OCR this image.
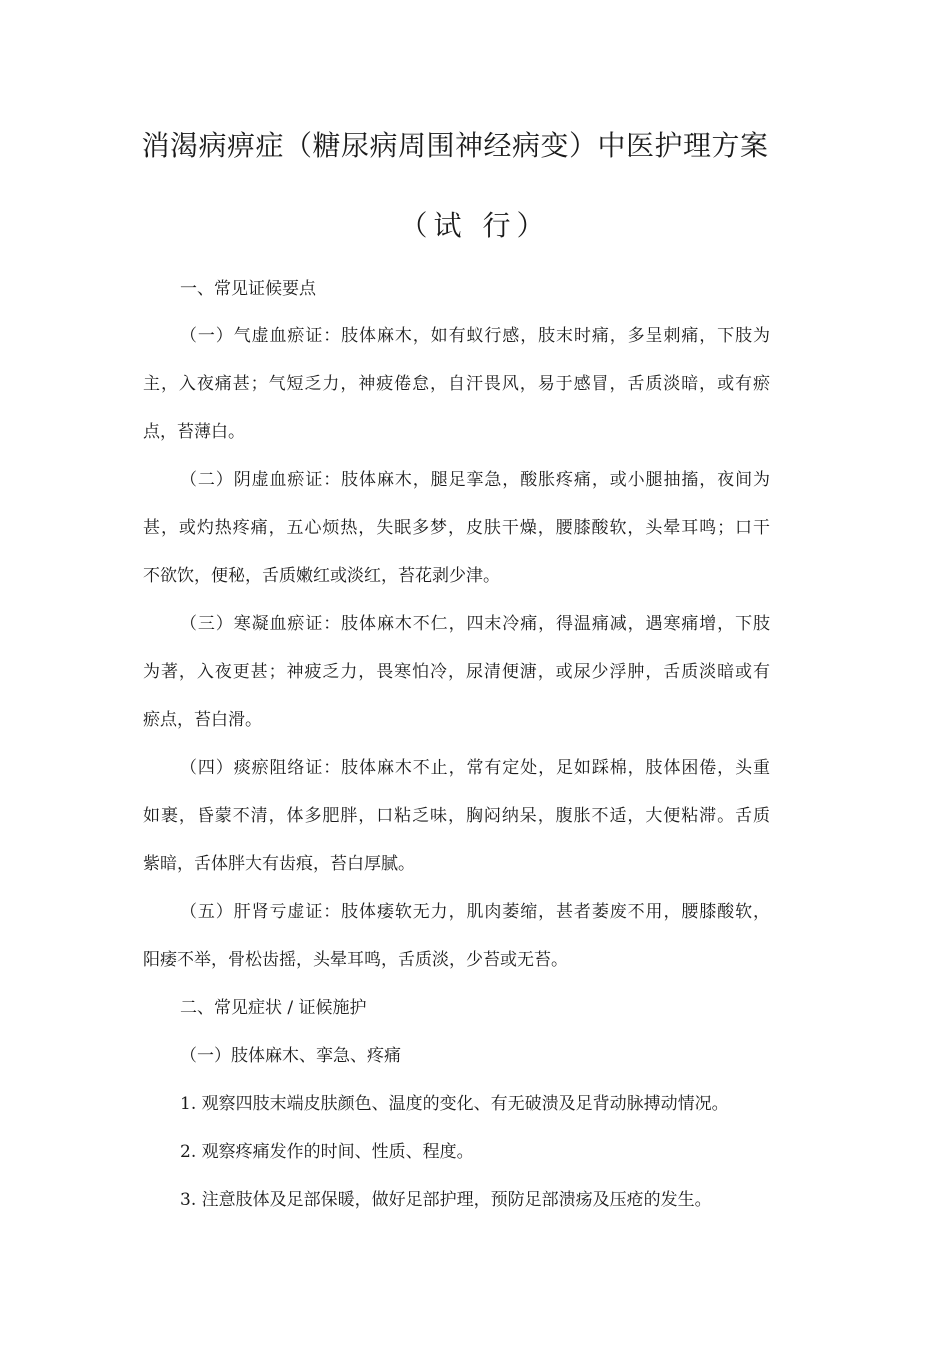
消渴病痹症（糖尿病周围神经病变）中医护理方案
（试 行）
一、常见证候要点
（一）气虚血瘀证：肢体麻木，如有蚁行感，肢末时痛，多呈刺痛，下肢为
主，入夜痛甚；气短乏力，神疲倦怠，自汗畏风，易于感冒，舌质淡暗，或有瘀
点，苔薄白。
（二）阴虚血瘀证：肢体麻木，腿足挛急，酸胀疼痛，或小腿抽搐，夜间为
甚，或灼热疼痛，五心烦热，失眠多梦，皮肤干燥，腰膝酸软，头晕耳鸣；口干
不欲饮，便秘，舌质嫩红或淡红，苔花剥少津。
（三）寒凝血瘀证：肢体麻木不仁，四末冷痛，得温痛减，遇寒痛增，下肢
为著，入夜更甚；神疲乏力，畏寒怕冷，尿清便溏，或尿少浮肿，舌质淡暗或有
瘀点，苔白滑。
（四）痰瘀阻络证：肢体麻木不止，常有定处，足如踩棉，肢体困倦，头重
如裹，昏蒙不清，体多肥胖，口粘乏味，胸闷纳呆，腹胀不适，大便粘滞。舌质
紫暗，舌体胖大有齿痕，苔白厚腻。
（五）肝肾亏虚证：肢体痿软无力，肌肉萎缩，甚者萎废不用，腰膝酸软，
阳痿不举，骨松齿摇，头晕耳鸣，舌质淡，少苔或无苔。
二、常见症状 / 证候施护
（一）肢体麻木、挛急、疼痛
1. 观察四肢末端皮肤颜色、温度的变化、有无破溃及足背动脉搏动情况。
2. 观察疼痛发作的时间、性质、程度。
3. 注意肢体及足部保暖，做好足部护理，预防足部溃疡及压疮的发生。
